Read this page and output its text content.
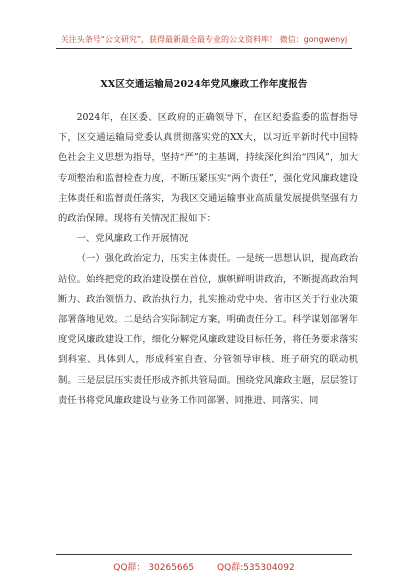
关注头条号“公文研究”，获得最新最全最专业的公文资料库！ 微信：gongwenyj
XX区交通运输局2024年党风廉政工作年度报告

2024年，在区委、区政府的正确领导下，在区纪委监委的监督指导下，区交通运输局党委认真贯彻落实党的XX大，以习近平新时代中国特色社会主义思想为指导，坚持“严”的主基调，持续深化纠治“四风”，加大专项整治和监督检查力度，不断压紧压实“两个责任”，强化党风廉政建设主体责任和监督责任落实，为我区交通运输事业高质量发展提供坚强有力的政治保障。现将有关情况汇报如下：

一、党风廉政工作开展情况

（一）强化政治定力，压实主体责任。一是统一思想认识，提高政治站位。始终把党的政治建设摆在首位，旗帜鲜明讲政治，不断提高政治判断力、政治领悟力、政治执行力，扎实推动党中央、省市区关于行业决策部署落地见效。二是结合实际制定方案，明确责任分工。科学谋划部署年度党风廉政建设工作，细化分解党风廉政建设目标任务，将任务要求落实到科室、具体到人，形成科室自查、分管领导审核、班子研究的联动机制。三是层层压实责任形成齐抓共管局面。围绕党风廉政主题，层层签订责任书将党风廉政建设与业务工作同部署、同推进、同落实、同

QQ群： 30265665	QQ群:535304092
